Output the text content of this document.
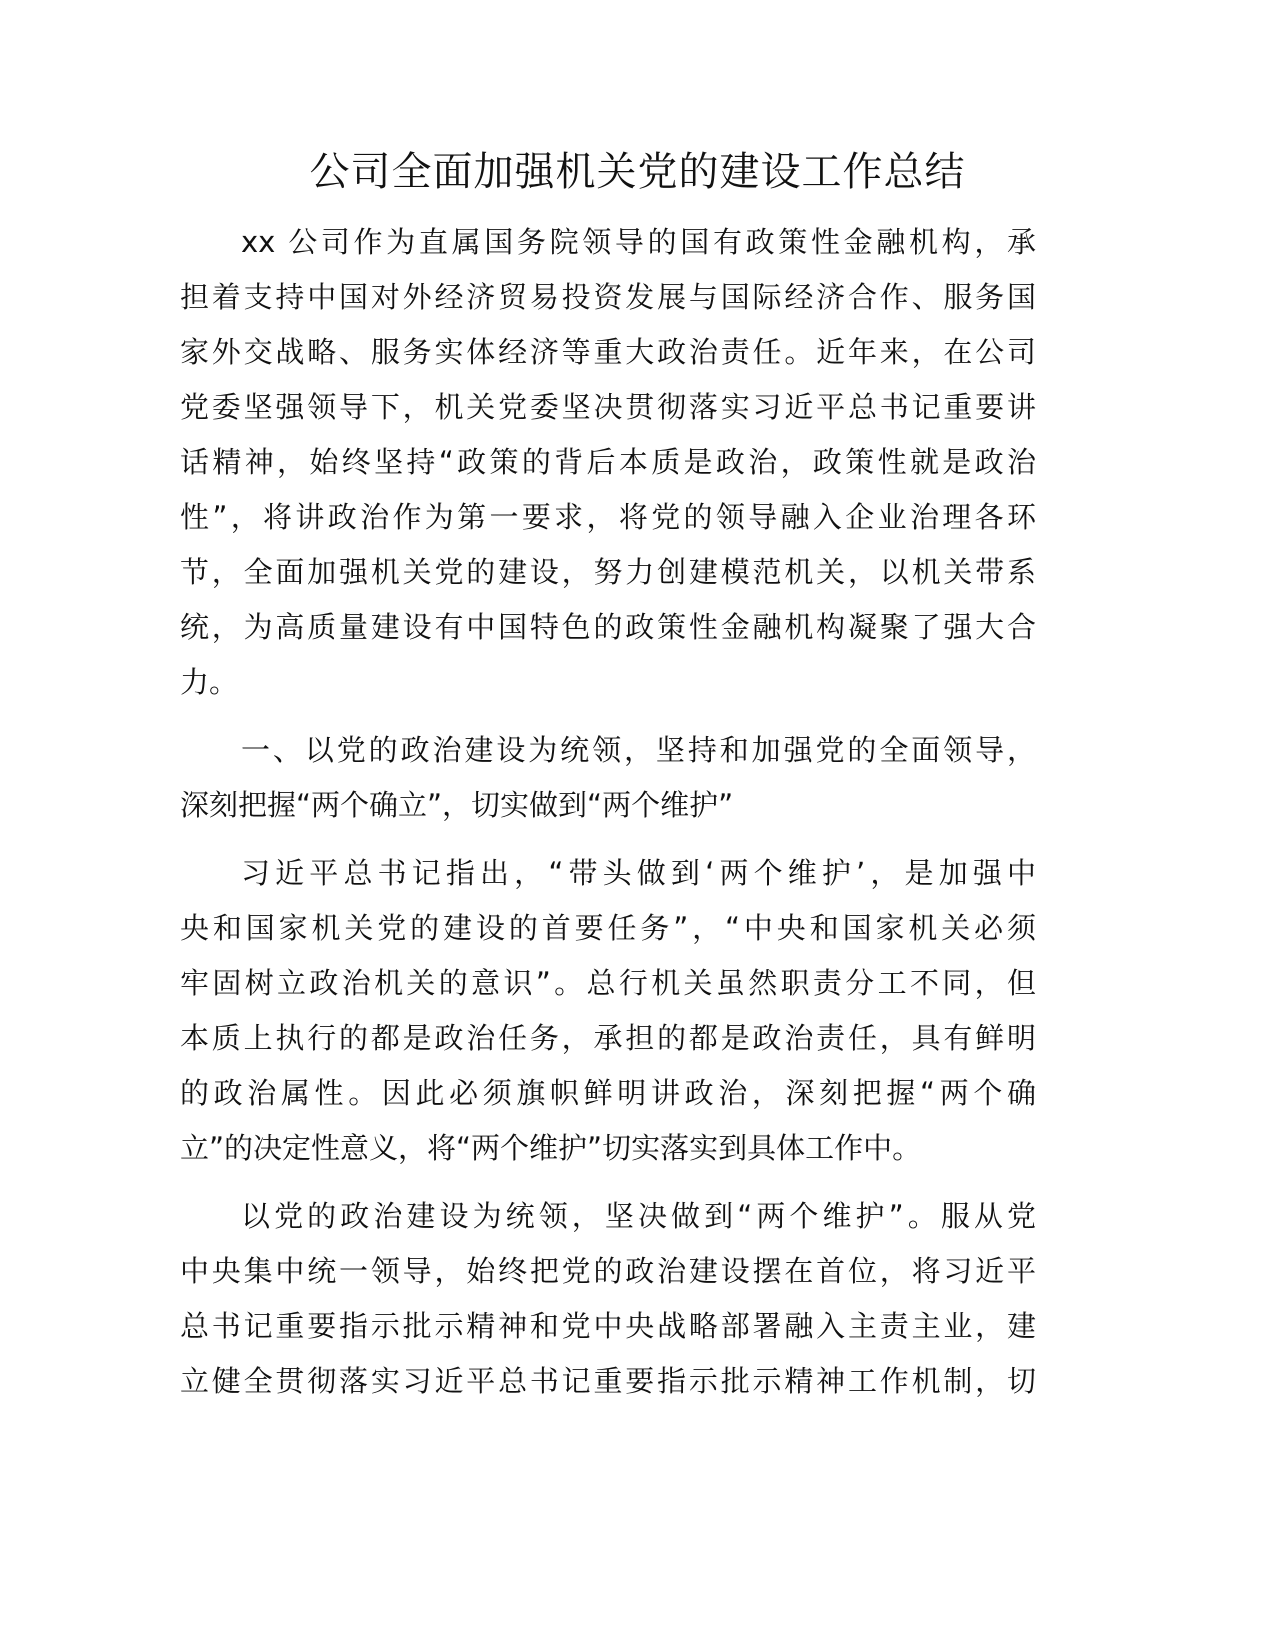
公司全面加强机关党的建设工作总结
xx 公司作为直属国务院领导的国有政策性金融机构，承
担着支持中国对外经济贸易投资发展与国际经济合作、服务国
家外交战略、服务实体经济等重大政治责任。近年来，在公司
党委坚强领导下，机关党委坚决贯彻落实习近平总书记重要讲
话精神，始终坚持“政策的背后本质是政治，政策性就是政治
性”，将讲政治作为第一要求，将党的领导融入企业治理各环
节，全面加强机关党的建设，努力创建模范机关，以机关带系
统，为高质量建设有中国特色的政策性金融机构凝聚了强大合
力。
一、以党的政治建设为统领，坚持和加强党的全面领导，
深刻把握“两个确立”，切实做到“两个维护”
习近平总书记指出，“带头做到‘两个维护’，是加强中
央和国家机关党的建设的首要任务”，“中央和国家机关必须
牢固树立政治机关的意识”。总行机关虽然职责分工不同，但
本质上执行的都是政治任务，承担的都是政治责任，具有鲜明
的政治属性。因此必须旗帜鲜明讲政治，深刻把握“两个确
立”的决定性意义，将“两个维护”切实落实到具体工作中。
以党的政治建设为统领，坚决做到“两个维护”。服从党
中央集中统一领导，始终把党的政治建设摆在首位，将习近平
总书记重要指示批示精神和党中央战略部署融入主责主业，建
立健全贯彻落实习近平总书记重要指示批示精神工作机制，切
